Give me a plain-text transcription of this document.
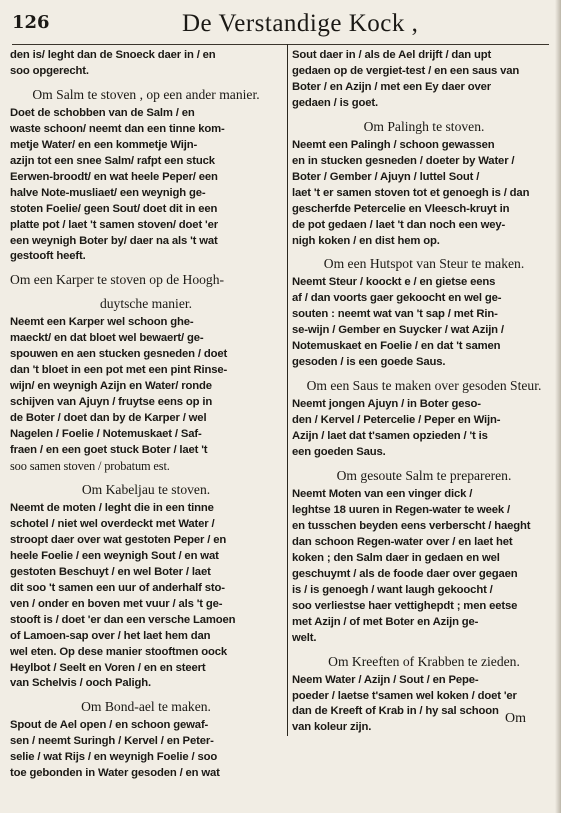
126	De Verstandige Kock ,
den is/ leght dan de Snoeck daer in / en
soo opgerecht.
Om Salm te stoven , op een ander manier.
Doet de schobben van de Salm / en
waste schoon/ neemt dan een tinne kom-
metje Water/ en een kommetje Wijn-
azijn tot een snee Salm/ rafpt een stuck
Eerwen-broodt/ en wat heele Peper/ een
halve Note-musliaet/ een weynigh ge-
stoten Foelie/ geen Sout/ doet dit in een
platte pot / laet 't samen stoven/ doet 'er
een weynigh Boter by/ daer na als 't wat
gestooft heeft.
Om een Karper te stoven op de Hoogh-
duytsche manier.
Neemt een Karper wel schoon ghe-
maeckt/ en dat bloet wel bewaert/ ge-
spouwen en aen stucken gesneden / doet
dan 't bloet in een pot met een pint Rinse-
wijn/ en weynigh Azijn en Water/ ronde
schijven van Ajuyn / fruytse eens op in
de Boter / doet dan by de Karper / wel
Nagelen / Foelie / Notemuskaet / Saf-
fraen / en een goet stuck Boter / laet 't
soo samen stoven / probatum est.
Om Kabeljau te stoven.
Neemt de moten / leght die in een tinne
schotel / niet wel overdeckt met Water /
stroopt daer over wat gestoten Peper / en
heele Foelie / een weynigh Sout / en wat
gestoten Beschuyt / en wel Boter / laet
dit soo 't samen een uur of anderhalf sto-
ven / onder en boven met vuur / als 't ge-
stooft is / doet 'er dan een versche Lamoen
of Lamoen-sap over / het laet hem dan
wel eten. Op dese manier stooftmen oock
Heylbot / Seelt en Voren / en en steert
van Schelvis / ooch Paligh.
Om Bond-ael te maken.
Spout de Ael open / en schoon gewaf-
sen / neemt Suringh / Kervel / en Peter-
selie / wat Rijs / en weynigh Foelie / soo
toe gebonden in Water gesoden / en wat
Sout daer in / als de Ael drijft / dan upt
gedaen op de vergiet-test / en een saus van
Boter / en Azijn / met een Ey daer over
gedaen / is goet.
Om Palingh te stoven.
Neemt een Palingh / schoon gewassen
en in stucken gesneden / doeter by Water /
Boter / Gember / Ajuyn / luttel Sout /
laet 't er samen stoven tot et genoegh is / dan
gescherfde Petercelie en Vleesch-kruyt in
de pot gedaen / laet 't dan noch een wey-
nigh koken / en dist hem op.
Om een Hutspot van Steur te maken.
Neemt Steur / koockt e / en gietse eens
af / dan voorts gaer gekoocht en wel ge-
souten : neemt wat van 't sap / met Rin-
se-wijn / Gember en Suycker / wat Azijn /
Notemuskaet en Foelie / en dat 't samen
gesoden / is een goede Saus.
Om een Saus te maken over gesoden Steur.
Neemt jongen Ajuyn / in Boter geso-
den / Kervel / Petercelie / Peper en Wijn-
Azijn / laet dat t'samen opzieden / 't is
een goeden Saus.
Om gesoute Salm te prepareren.
Neemt Moten van een vinger dick /
leghtse 18 uuren in Regen-water te week /
en tusschen beyden eens verberscht / haeght
dan schoon Regen-water over / en laet het
koken ; den Salm daer in gedaen en wel
geschuymt / als de foode daer over gegaen
is / is genoegh / want laugh gekoocht /
soo verliestse haer vettighepdt ; men eetse
met Azijn / of met Boter en Azijn ge-
welt.
Om Kreeften of Krabben te zieden.
Neem Water / Azijn / Sout / en Pepe-
poeder / laetse t'samen wel koken / doet 'er
dan de Kreeft of Krab in / hy sal schoon
van koleur zijn.
Om
